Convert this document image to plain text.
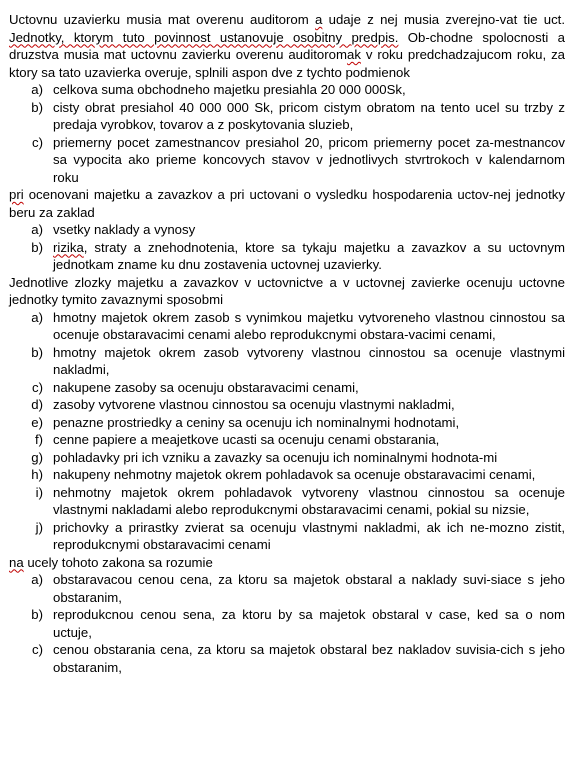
Uctovnu uzavierku musia mat overenu auditorom a udaje z nej musia zverejno-vat tie uct. Jednotky, ktorym tuto povinnost ustanovuje osobitny predpis. Ob-chodne spolocnosti a druzstva musia mat uctovnu zavierku overenu auditoromak v roku predchadzajucom roku, za ktory sa tato uzavierka overuje, splnili aspon dve z tychto podmienok

a) celkova suma obchodneho majetku presiahla 20 000 000Sk,
b) cisty obrat presiahol 40 000 000 Sk, pricom cistym obratom na tento ucel su trzby z predaja vyrobkov, tovarov a z poskytovania sluzieb,
c) priemerny pocet zamestnancov presiahol 20, pricom priemerny pocet za-mestnancov sa vypocita ako prieme koncovych stavov v jednotlivych stvrtrokoch v kalendarnom roku

pri ocenovani majetku a zavazkov a pri uctovani o vysledku hospodarenia uctov-nej jednotky beru za zaklad

a) vsetky naklady a vynosy
b) rizika, straty a znehodnotenia, ktore sa tykaju majetku a zavazkov a su uctovnym jednotkam zname ku dnu zostavenia uctovnej uzavierky.

Jednotlive zlozky majetku a zavazkov v uctovnictve a v uctovnej zavierke ocenuju uctovne jednotky tymito zavaznymi sposobmi

a) hmotny majetok okrem zasob s vynimkou majetku vytvoreneho vlastnou cinnostou sa ocenuje obstaravacimi cenami alebo reprodukcnymi obstara-vacimi cenami,
b) hmotny majetok okrem zasob vytvoreny vlastnou cinnostou sa ocenuje vlastnymi nakladmi,
c) nakupene zasoby sa ocenuju obstaravacimi cenami,
d) zasoby vytvorene vlastnou cinnostou sa ocenuju vlastnymi nakladmi,
e) penazne prostriedky a ceniny sa ocenuju ich nominalnymi hodnotami,
f) cenne papiere a meajetkove ucasti sa ocenuju cenami obstarania,
g) pohladavky pri ich vzniku a zavazky sa ocenuju ich nominalnymi hodnota-mi
h) nakupeny nehmotny majetok okrem pohladavok sa ocenuje obstaravacimi cenami,
i) nehmotny majetok okrem pohladavok vytvoreny vlastnou cinnostou sa ocenuje vlastnymi nakladami alebo reprodukcnymi obstaravacimi cenami, pokial su nizsie,
j) prichovky a prirastky zvierat sa ocenuju vlastnymi nakladmi, ak ich ne-mozno zistit, reprodukcnymi obstaravacimi cenami

na ucely tohoto zakona sa rozumie

a) obstaravacou cenou cena, za ktoru sa majetok obstaral a naklady suvi-siace s jeho obstaranim,
b) reprodukcnou cenou sena, za ktoru by sa majetok obstaral v case, ked sa o nom uctuje,
c) cenou obstarania cena, za ktoru sa majetok obstaral bez nakladov suvisia-cich s jeho obstaranim,
